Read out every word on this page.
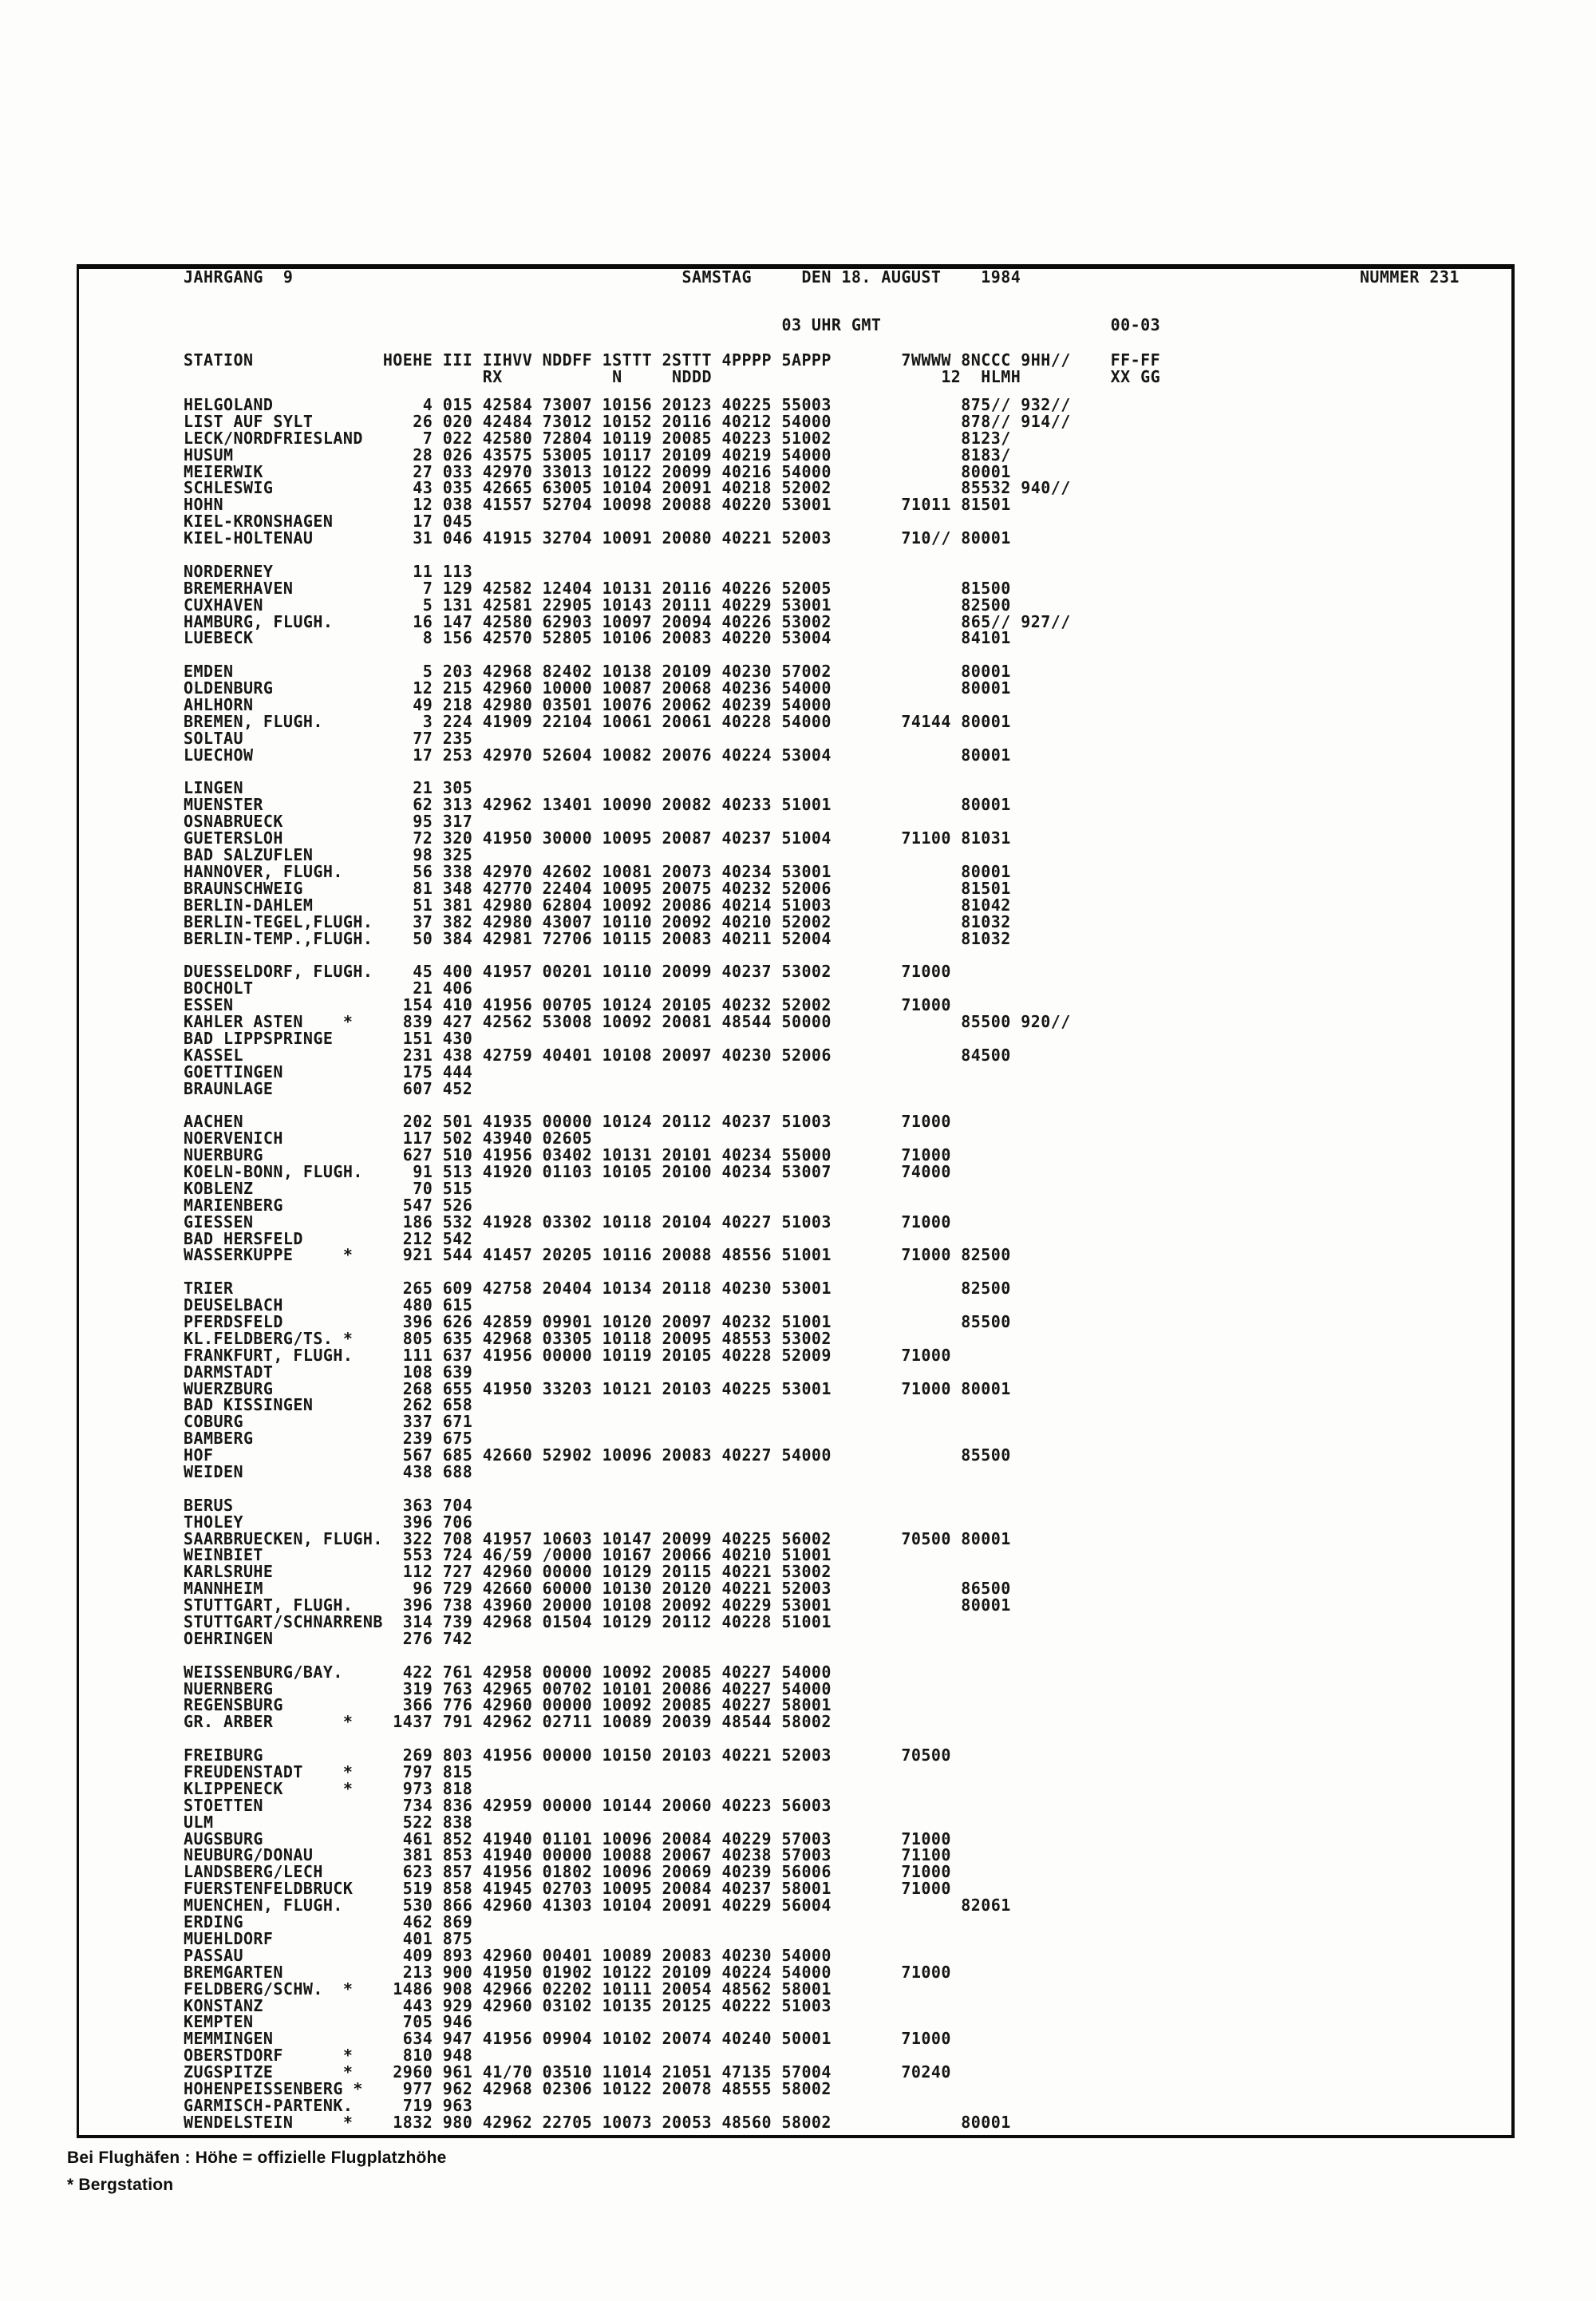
JAHRGANG  9                                       SAMSTAG     DEN 18. AUGUST    1984                                  NUMMER 231
03 UHR GMT                       00-03
STATION             HOEHE III IIHVV NDDFF 1STTT 2STTT 4PPPP 5APPP       7WWWW 8NCCC 9HH//    FF-FF
RX           N     NDDD                       12  HLMH         XX GG
HELGOLAND               4 015 42584 73007 10156 20123 40225 55003             875// 932//
LIST AUF SYLT          26 020 42484 73012 10152 20116 40212 54000             878// 914//
LECK/NORDFRIESLAND      7 022 42580 72804 10119 20085 40223 51002             8123/
HUSUM                  28 026 43575 53005 10117 20109 40219 54000             8183/
MEIERWIK               27 033 42970 33013 10122 20099 40216 54000             80001
SCHLESWIG              43 035 42665 63005 10104 20091 40218 52002             85532 940//
HOHN                   12 038 41557 52704 10098 20088 40220 53001       71011 81501
KIEL-KRONSHAGEN        17 045
KIEL-HOLTENAU          31 046 41915 32704 10091 20080 40221 52003       710// 80001
NORDERNEY              11 113
BREMERHAVEN             7 129 42582 12404 10131 20116 40226 52005             81500
CUXHAVEN                5 131 42581 22905 10143 20111 40229 53001             82500
HAMBURG, FLUGH.        16 147 42580 62903 10097 20094 40226 53002             865// 927//
LUEBECK                 8 156 42570 52805 10106 20083 40220 53004             84101
EMDEN                   5 203 42968 82402 10138 20109 40230 57002             80001
OLDENBURG              12 215 42960 10000 10087 20068 40236 54000             80001
AHLHORN                49 218 42980 03501 10076 20062 40239 54000
BREMEN, FLUGH.          3 224 41909 22104 10061 20061 40228 54000       74144 80001
SOLTAU                 77 235
LUECHOW                17 253 42970 52604 10082 20076 40224 53004             80001
LINGEN                 21 305
MUENSTER               62 313 42962 13401 10090 20082 40233 51001             80001
OSNABRUECK             95 317
GUETERSLOH             72 320 41950 30000 10095 20087 40237 51004       71100 81031
BAD SALZUFLEN          98 325
HANNOVER, FLUGH.       56 338 42970 42602 10081 20073 40234 53001             80001
BRAUNSCHWEIG           81 348 42770 22404 10095 20075 40232 52006             81501
BERLIN-DAHLEM          51 381 42980 62804 10092 20086 40214 51003             81042
BERLIN-TEGEL,FLUGH.    37 382 42980 43007 10110 20092 40210 52002             81032
BERLIN-TEMP.,FLUGH.    50 384 42981 72706 10115 20083 40211 52004             81032
DUESSELDORF, FLUGH.    45 400 41957 00201 10110 20099 40237 53002       71000
BOCHOLT                21 406
ESSEN                 154 410 41956 00705 10124 20105 40232 52002       71000
KAHLER ASTEN    *     839 427 42562 53008 10092 20081 48544 50000             85500 920//
BAD LIPPSPRINGE       151 430
KASSEL                231 438 42759 40401 10108 20097 40230 52006             84500
GOETTINGEN            175 444
BRAUNLAGE             607 452
AACHEN                202 501 41935 00000 10124 20112 40237 51003       71000
NOERVENICH            117 502 43940 02605
NUERBURG              627 510 41956 03402 10131 20101 40234 55000       71000
KOELN-BONN, FLUGH.     91 513 41920 01103 10105 20100 40234 53007       74000
KOBLENZ                70 515
MARIENBERG            547 526
GIESSEN               186 532 41928 03302 10118 20104 40227 51003       71000
BAD HERSFELD          212 542
WASSERKUPPE     *     921 544 41457 20205 10116 20088 48556 51001       71000 82500
TRIER                 265 609 42758 20404 10134 20118 40230 53001             82500
DEUSELBACH            480 615
PFERDSFELD            396 626 42859 09901 10120 20097 40232 51001             85500
KL.FELDBERG/TS. *     805 635 42968 03305 10118 20095 48553 53002
FRANKFURT, FLUGH.     111 637 41956 00000 10119 20105 40228 52009       71000
DARMSTADT             108 639
WUERZBURG             268 655 41950 33203 10121 20103 40225 53001       71000 80001
BAD KISSINGEN         262 658
COBURG                337 671
BAMBERG               239 675
HOF                   567 685 42660 52902 10096 20083 40227 54000             85500
WEIDEN                438 688
BERUS                 363 704
THOLEY                396 706
SAARBRUECKEN, FLUGH.  322 708 41957 10603 10147 20099 40225 56002       70500 80001
WEINBIET              553 724 46/59 /0000 10167 20066 40210 51001
KARLSRUHE             112 727 42960 00000 10129 20115 40221 53002
MANNHEIM               96 729 42660 60000 10130 20120 40221 52003             86500
STUTTGART, FLUGH.     396 738 43960 20000 10108 20092 40229 53001             80001
STUTTGART/SCHNARRENB  314 739 42968 01504 10129 20112 40228 51001
OEHRINGEN             276 742
WEISSENBURG/BAY.      422 761 42958 00000 10092 20085 40227 54000
NUERNBERG             319 763 42965 00702 10101 20086 40227 54000
REGENSBURG            366 776 42960 00000 10092 20085 40227 58001
GR. ARBER       *    1437 791 42962 02711 10089 20039 48544 58002
FREIBURG              269 803 41956 00000 10150 20103 40221 52003       70500
FREUDENSTADT    *     797 815
KLIPPENECK      *     973 818
STOETTEN              734 836 42959 00000 10144 20060 40223 56003
ULM                   522 838
AUGSBURG              461 852 41940 01101 10096 20084 40229 57003       71000
NEUBURG/DONAU         381 853 41940 00000 10088 20067 40238 57003       71100
LANDSBERG/LECH        623 857 41956 01802 10096 20069 40239 56006       71000
FUERSTENFELDBRUCK     519 858 41945 02703 10095 20084 40237 58001       71000
MUENCHEN, FLUGH.      530 866 42960 41303 10104 20091 40229 56004             82061
ERDING                462 869
MUEHLDORF             401 875
PASSAU                409 893 42960 00401 10089 20083 40230 54000
BREMGARTEN            213 900 41950 01902 10122 20109 40224 54000       71000
FELDBERG/SCHW.  *    1486 908 42966 02202 10111 20054 48562 58001
KONSTANZ              443 929 42960 03102 10135 20125 40222 51003
KEMPTEN               705 946
MEMMINGEN             634 947 41956 09904 10102 20074 40240 50001       71000
OBERSTDORF      *     810 948
ZUGSPITZE       *    2960 961 41/70 03510 11014 21051 47135 57004       70240
HOHENPEISSENBERG *    977 962 42968 02306 10122 20078 48555 58002
GARMISCH-PARTENK.     719 963
WENDELSTEIN     *    1832 980 42962 22705 10073 20053 48560 58002             80001
Bei Flughäfen : Höhe = offizielle Flugplatzhöhe
* Bergstation
